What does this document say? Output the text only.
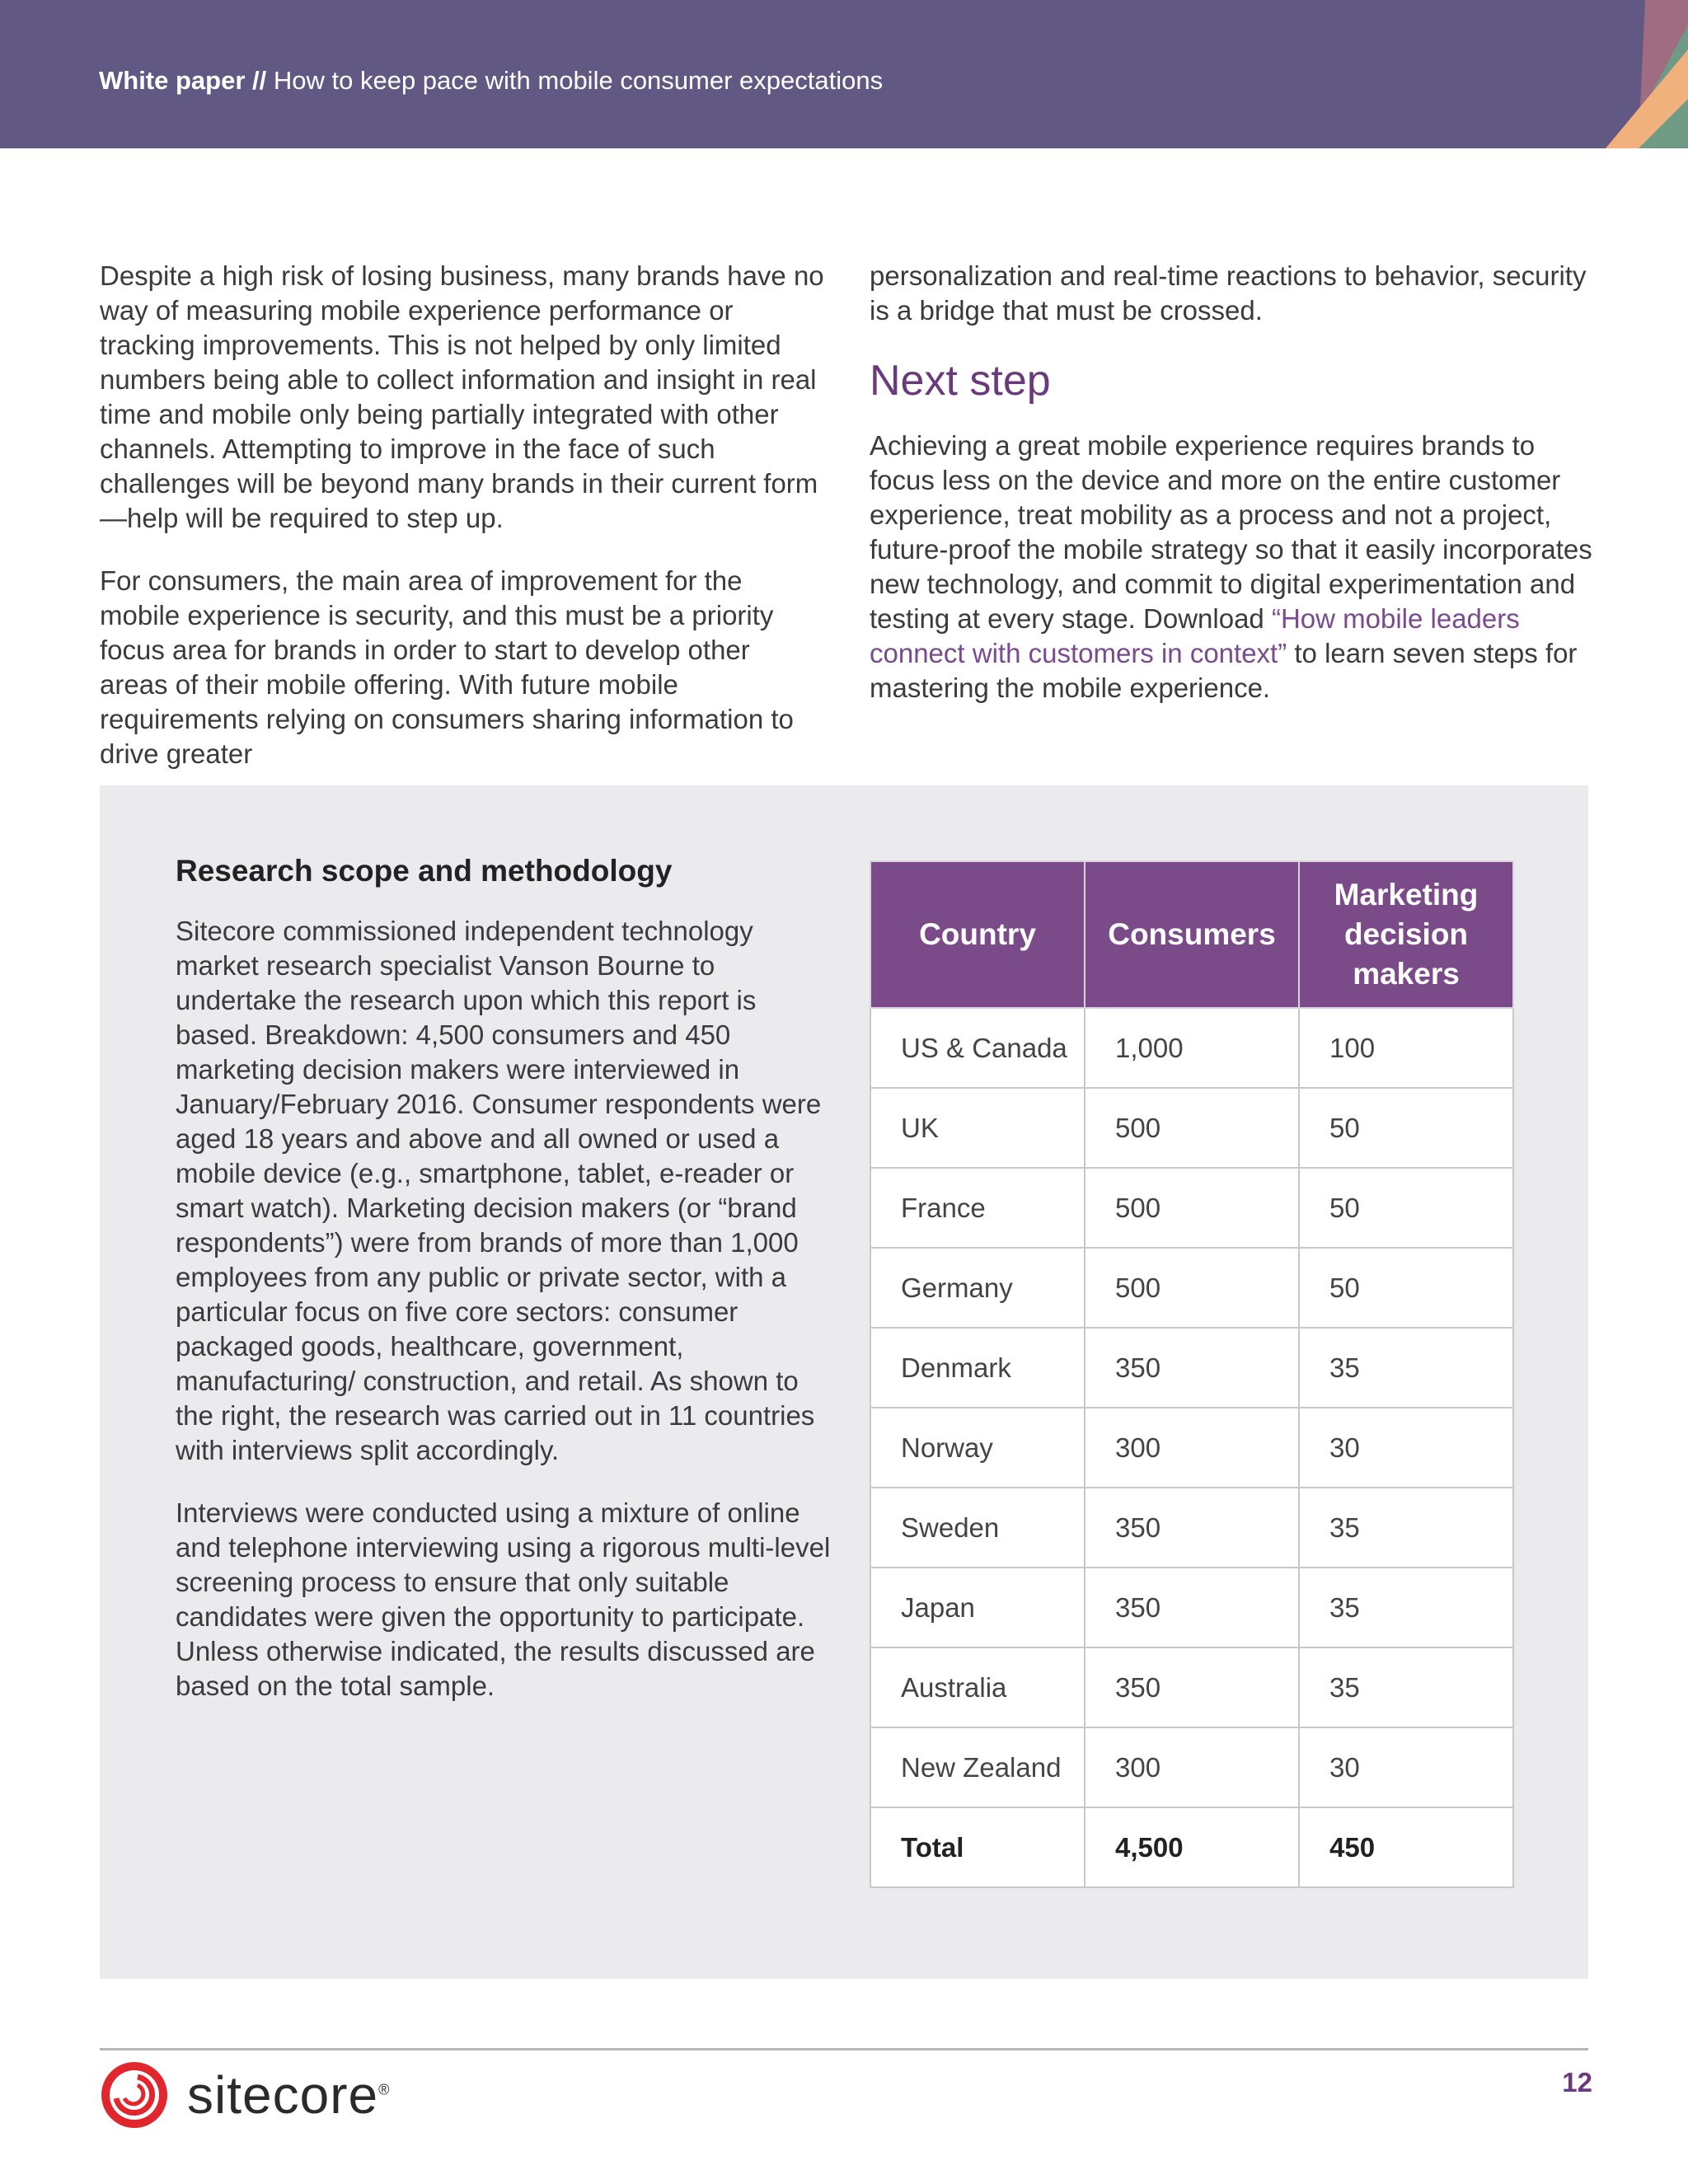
White paper // How to keep pace with mobile consumer expectations

Despite a high risk of losing business, many brands have no way of measuring mobile experience performance or tracking improvements. This is not helped by only limited numbers being able to collect information and insight in real time and mobile only being partially integrated with other channels. Attempting to improve in the face of such challenges will be beyond many brands in their current form—help will be required to step up.

For consumers, the main area of improvement for the mobile experience is security, and this must be a priority focus area for brands in order to start to develop other areas of their mobile offering. With future mobile requirements relying on consumers sharing information to drive greater

personalization and real-time reactions to behavior, security is a bridge that must be crossed.

Next step

Achieving a great mobile experience requires brands to focus less on the device and more on the entire customer experience, treat mobility as a process and not a project, future-proof the mobile strategy so that it easily incorporates new technology, and commit to digital experimentation and testing at every stage. Download “How mobile leaders connect with customers in context” to learn seven steps for mastering the mobile experience.

Research scope and methodology

Sitecore commissioned independent technology market research specialist Vanson Bourne to undertake the research upon which this report is based. Breakdown: 4,500 consumers and 450 marketing decision makers were interviewed in January/February 2016. Consumer respondents were aged 18 years and above and all owned or used a mobile device (e.g., smartphone, tablet, e-reader or smart watch). Marketing decision makers (or “brand respondents”) were from brands of more than 1,000 employees from any public or private sector, with a particular focus on five core sectors: consumer packaged goods, healthcare, government, manufacturing/ construction, and retail. As shown to the right, the research was carried out in 11 countries with interviews split accordingly.

Interviews were conducted using a mixture of online and telephone interviewing using a rigorous multi-level screening process to ensure that only suitable candidates were given the opportunity to participate. Unless otherwise indicated, the results discussed are based on the total sample.

Country	Consumers	Marketing decision makers
US & Canada	1,000	100
UK	500	50
France	500	50
Germany	500	50
Denmark	350	35
Norway	300	30
Sweden	350	35
Japan	350	35
Australia	350	35
New Zealand	300	30
Total	4,500	450
sitecore®	12
